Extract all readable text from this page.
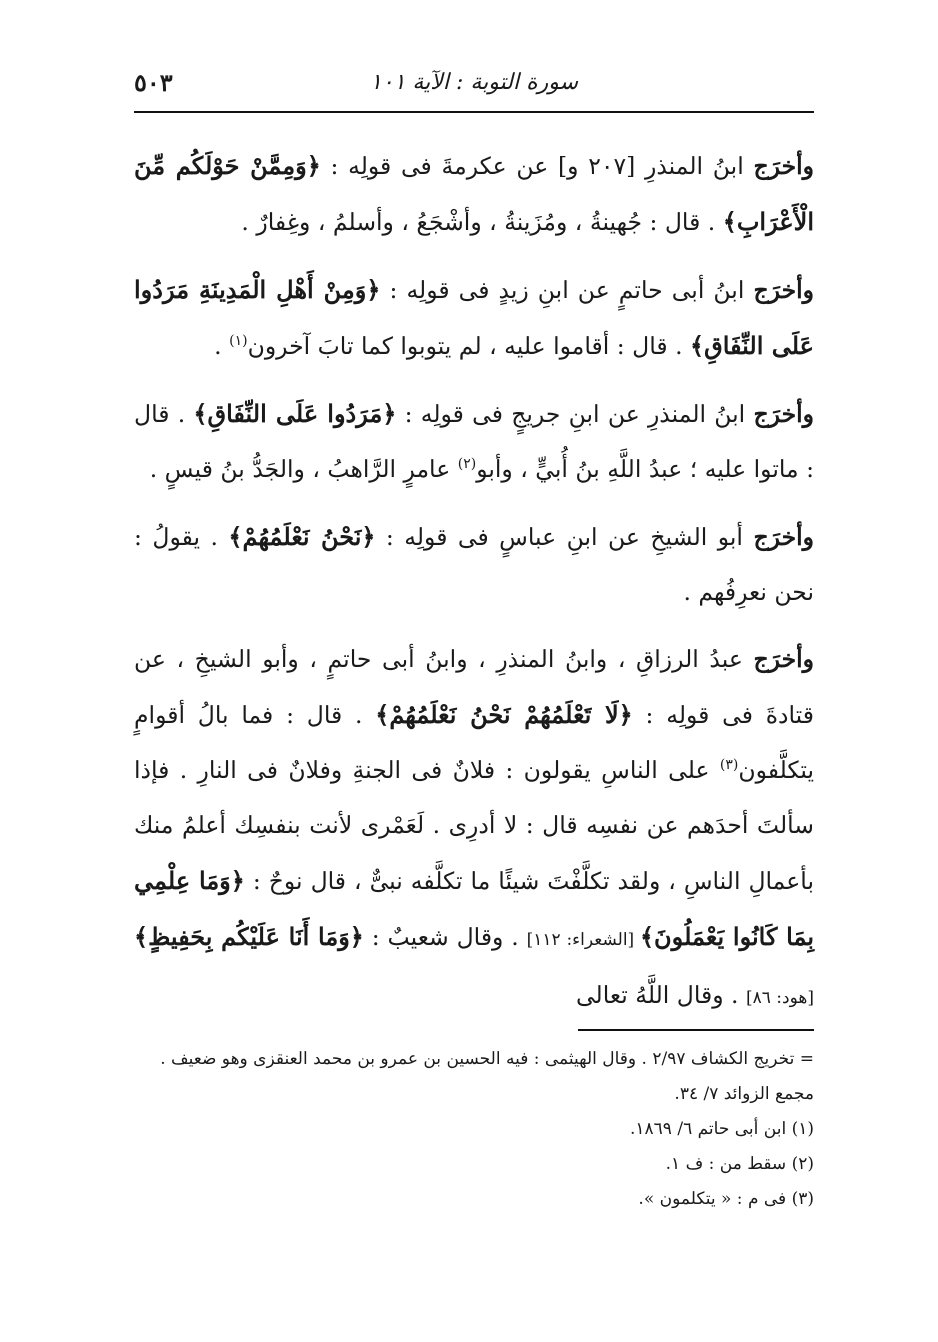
٥٠٣	سورة التوبة : الآية ١٠١

وأخرَج ابنُ المنذرِ [٢٠٧ و] عن عكرمةَ فى قولِه : ﴿وَمِمَّنْ حَوْلَكُم مِّنَ الْأَعْرَابِ﴾ . قال : جُهينةُ ، ومُزَينةُ ، وأشْجَعُ ، وأسلمُ ، وغِفارٌ .

وأخرَج ابنُ أبى حاتمٍ عن ابنِ زيدٍ فى قولِه : ﴿وَمِنْ أَهْلِ الْمَدِينَةِ مَرَدُوا عَلَى النِّفَاقِ﴾ . قال : أقاموا عليه ، لم يتوبوا كما تابَ آخرون$^{(١)}$ .

وأخرَج ابنُ المنذرِ عن ابنِ جريجٍ فى قولِه : ﴿مَرَدُوا عَلَى النِّفَاقِ﴾ . قال : ماتوا عليه ؛ عبدُ اللَّهِ بنُ أُبيٍّ ، وأبو$^{(٢)}$ عامرٍ الرَّاهبُ ، والجَدُّ بنُ قيسٍ .

وأخرَج أبو الشيخِ عن ابنِ عباسٍ فى قولِه : ﴿نَحْنُ نَعْلَمُهُمْ﴾ . يقولُ : نحن نعرِفُهم .

وأخرَج عبدُ الرزاقِ ، وابنُ المنذرِ ، وابنُ أبى حاتمٍ ، وأبو الشيخِ ، عن قتادةَ فى قولِه : ﴿لَا تَعْلَمُهُمْ نَحْنُ نَعْلَمُهُمْ﴾ . قال : فما بالُ أقوامٍ يتكلَّفون$^{(٣)}$ على الناسِ يقولون : فلانٌ فى الجنةِ وفلانٌ فى النارِ . فإذا سألتَ أحدَهم عن نفسِه قال : لا أدرِى . لَعَمْرى لأنت بنفسِك أعلمُ منك بأعمالِ الناسِ ، ولقد تكلَّفْتَ شيئًا ما تكلَّفه نبىٌّ ، قال نوحٌ : ﴿وَمَا عِلْمِي بِمَا كَانُوا يَعْمَلُونَ﴾ [الشعراء: ١١٢] . وقال شعيبٌ : ﴿وَمَا أَنَا عَلَيْكُم بِحَفِيظٍ﴾ [هود: ٨٦] . وقال اللَّهُ تعالى

= تخريج الكشاف ٢/٩٧ . وقال الهيثمى : فيه الحسين بن عمرو بن محمد العنقزى وهو ضعيف . مجمع الزوائد ٧/ ٣٤.

(١) ابن أبى حاتم ٦/ ١٨٦٩.

(٢) سقط من : ف ١.

(٣) فى م : « يتكلمون ».
